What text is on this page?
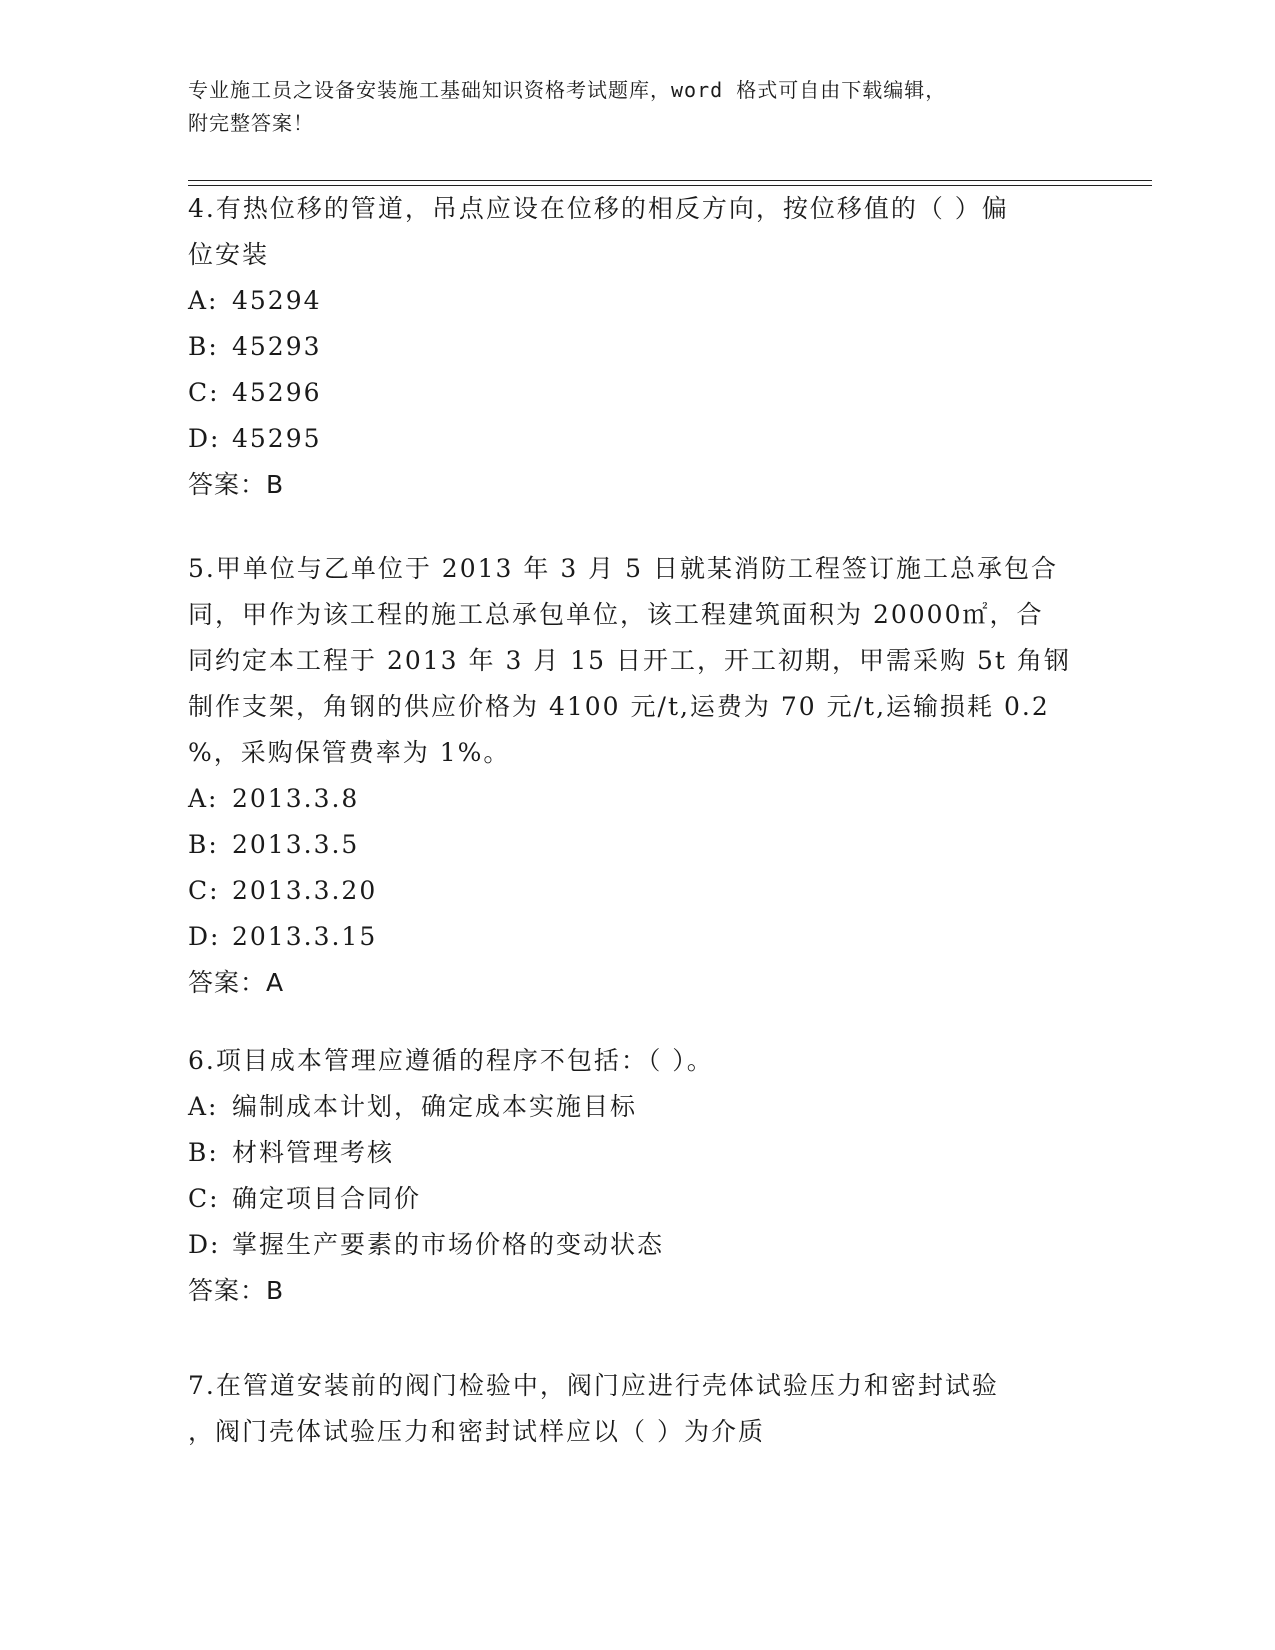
专业施工员之设备安装施工基础知识资格考试题库，word 格式可自由下载编辑，
附完整答案！
4.有热位移的管道，吊点应设在位移的相反方向，按位移值的（ ）偏
位安装
A: 45294
B: 45293
C: 45296
D: 45295
答案：B
5.甲单位与乙单位于 2013 年 3 月 5 日就某消防工程签订施工总承包合
同，甲作为该工程的施工总承包单位，该工程建筑面积为 20000㎡，合
同约定本工程于 2013 年 3 月 15 日开工，开工初期，甲需采购 5t 角钢
制作支架，角钢的供应价格为 4100 元/t,运费为 70 元/t,运输损耗 0.2
%，采购保管费率为 1%。
A: 2013.3.8
B: 2013.3.5
C: 2013.3.20
D: 2013.3.15
答案：A
6.项目成本管理应遵循的程序不包括：（ ）。
A: 编制成本计划，确定成本实施目标
B: 材料管理考核
C: 确定项目合同价
D: 掌握生产要素的市场价格的变动状态
答案：B
7.在管道安装前的阀门检验中，阀门应进行壳体试验压力和密封试验
，阀门壳体试验压力和密封试样应以（ ）为介质
